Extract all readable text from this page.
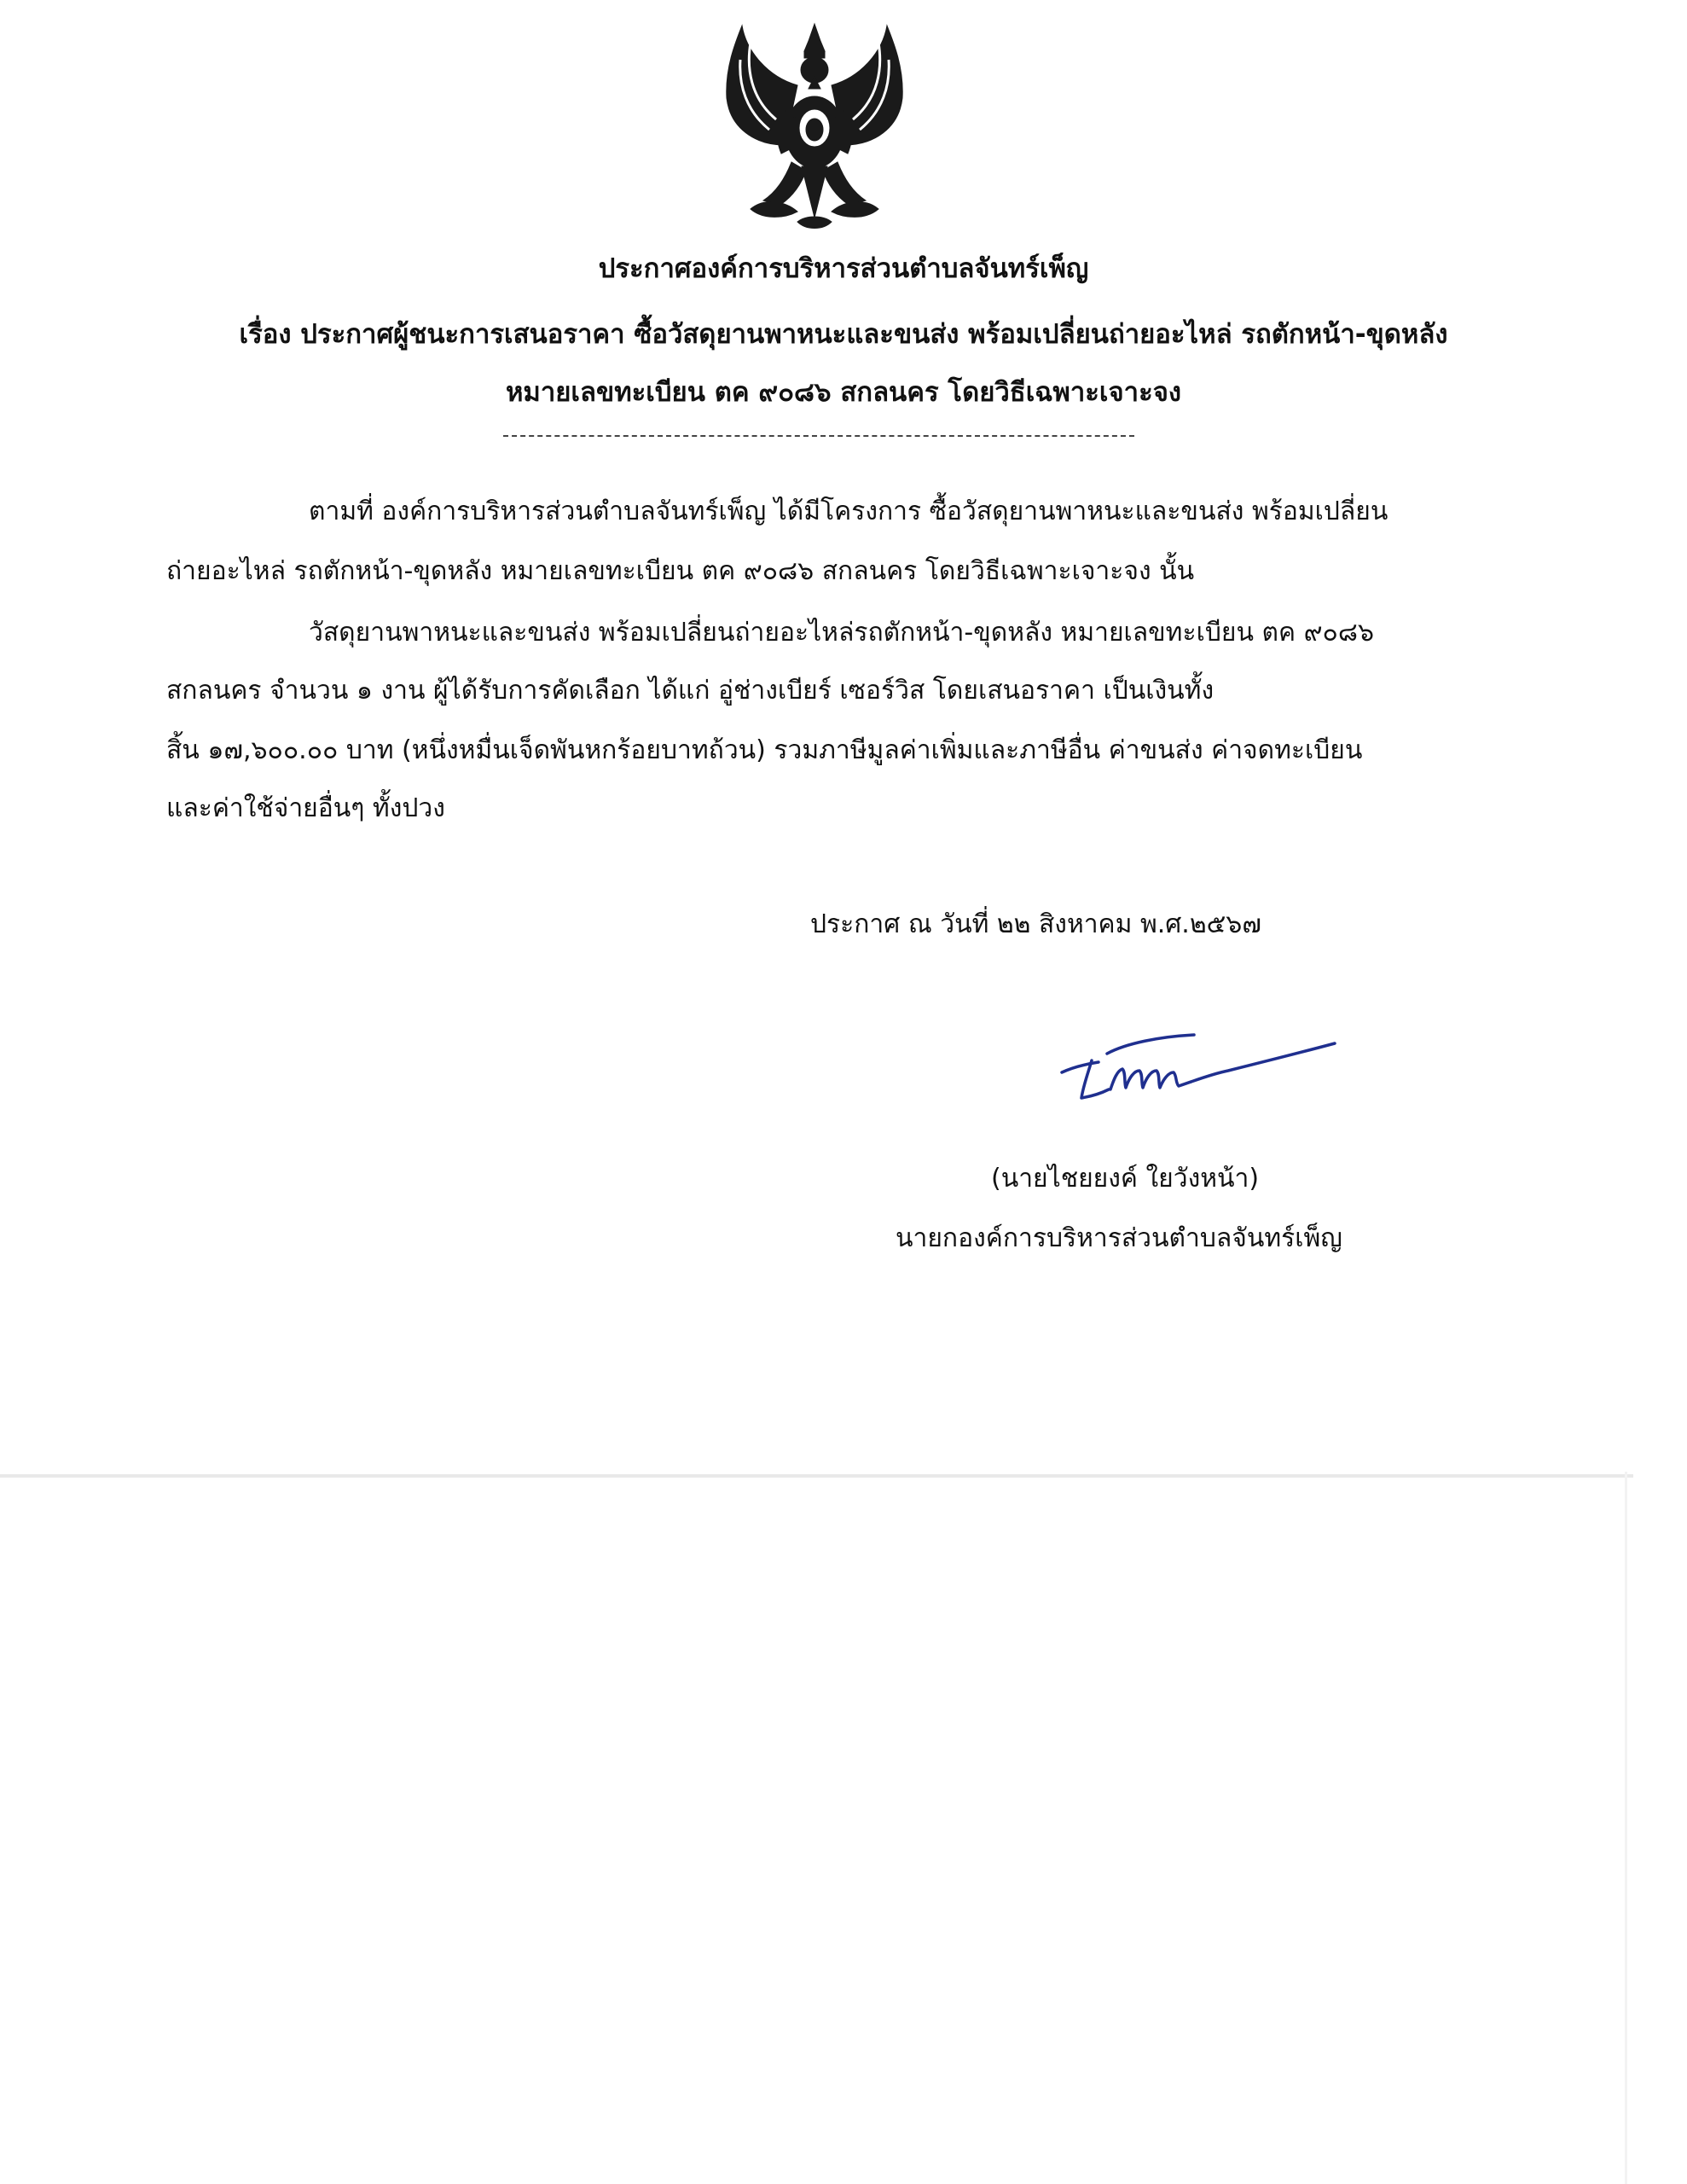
ประกาศองค์การบริหารส่วนตำบลจันทร์เพ็ญ
เรื่อง ประกาศผู้ชนะการเสนอราคา ซื้อวัสดุยานพาหนะและขนส่ง พร้อมเปลี่ยนถ่ายอะไหล่ รถตักหน้า-ขุดหลัง
หมายเลขทะเบียน ตค ๙๐๘๖ สกลนคร โดยวิธีเฉพาะเจาะจง
ตามที่ องค์การบริหารส่วนตำบลจันทร์เพ็ญ ได้มีโครงการ ซื้อวัสดุยานพาหนะและขนส่ง พร้อมเปลี่ยน
ถ่ายอะไหล่ รถตักหน้า-ขุดหลัง หมายเลขทะเบียน ตค ๙๐๘๖ สกลนคร โดยวิธีเฉพาะเจาะจง นั้น
วัสดุยานพาหนะและขนส่ง พร้อมเปลี่ยนถ่ายอะไหล่รถตักหน้า-ขุดหลัง หมายเลขทะเบียน ตค ๙๐๘๖
สกลนคร จำนวน ๑ งาน ผู้ได้รับการคัดเลือก ได้แก่ อู่ช่างเบียร์ เซอร์วิส โดยเสนอราคา เป็นเงินทั้ง
สิ้น ๑๗,๖๐๐.๐๐ บาท (หนึ่งหมื่นเจ็ดพันหกร้อยบาทถ้วน) รวมภาษีมูลค่าเพิ่มและภาษีอื่น ค่าขนส่ง ค่าจดทะเบียน
และค่าใช้จ่ายอื่นๆ ทั้งปวง
ประกาศ ณ วันที่ ๒๒ สิงหาคม พ.ศ.๒๕๖๗
(นายไชยยงค์ ใยวังหน้า)
นายกองค์การบริหารส่วนตำบลจันทร์เพ็ญ
